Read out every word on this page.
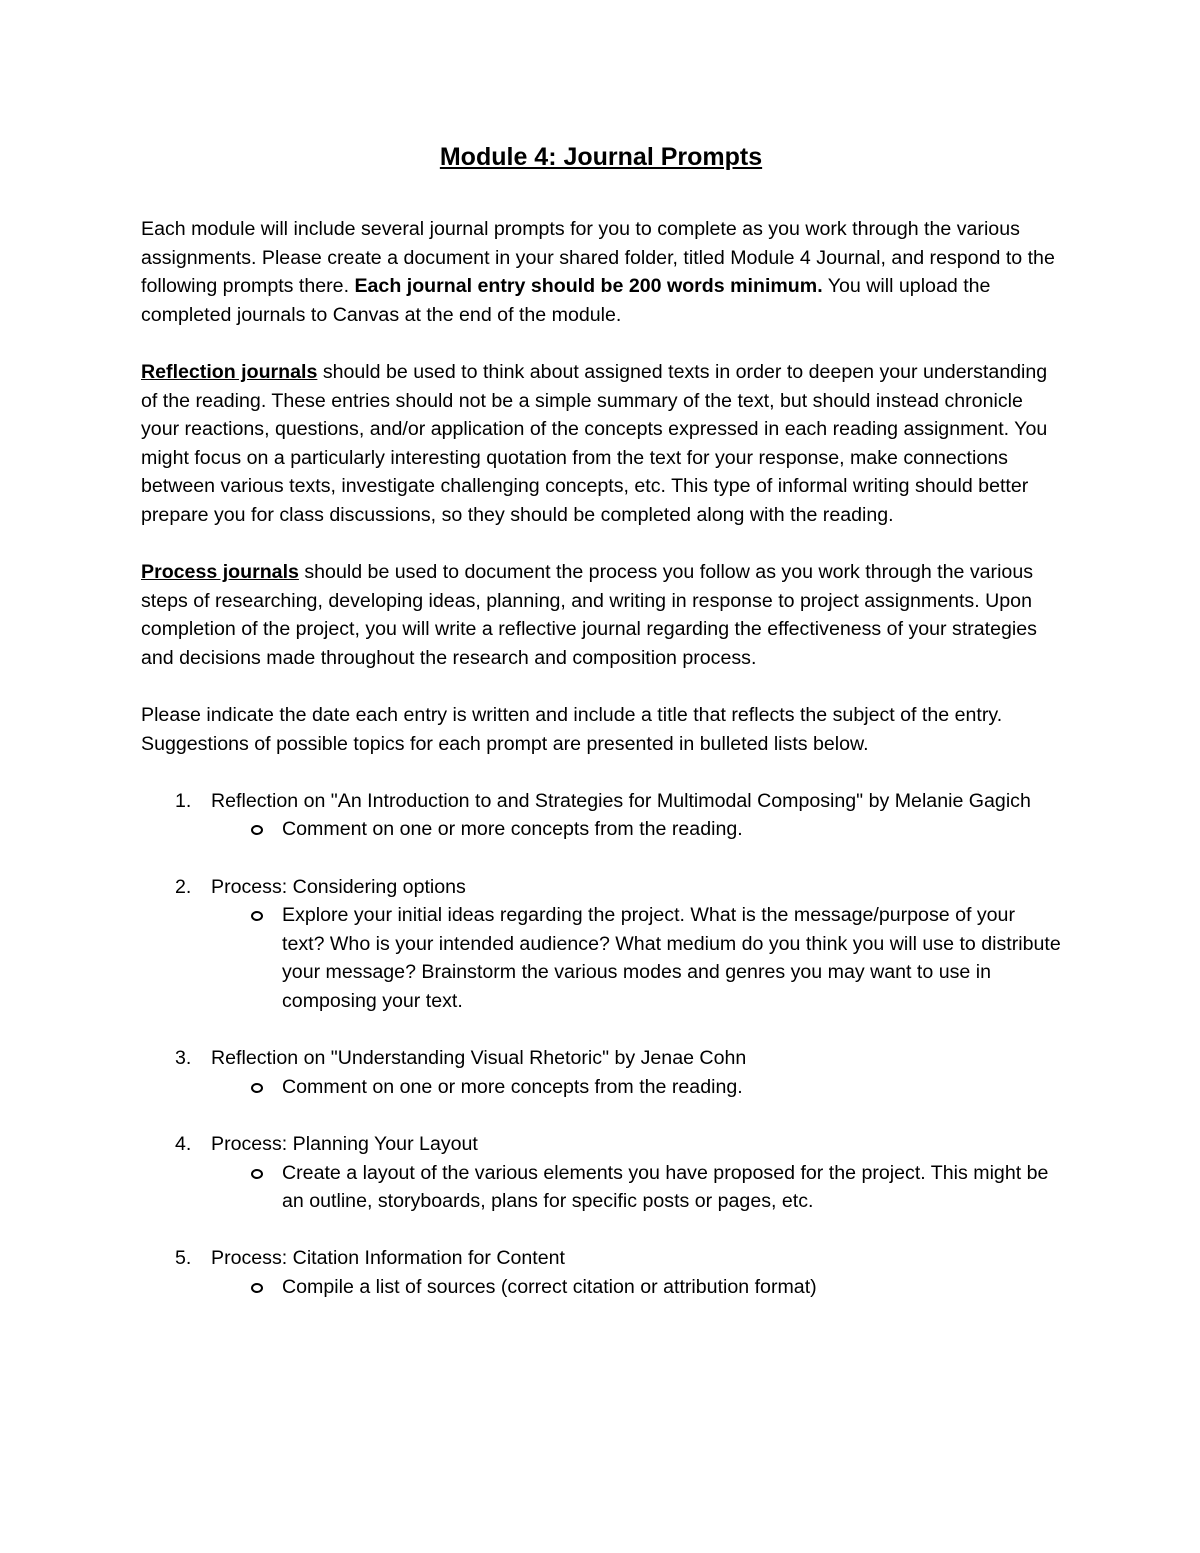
Module 4: Journal Prompts

Each module will include several journal prompts for you to complete as you work through the various assignments. Please create a document in your shared folder, titled Module 4 Journal, and respond to the following prompts there. Each journal entry should be 200 words minimum. You will upload the completed journals to Canvas at the end of the module.

Reflection journals should be used to think about assigned texts in order to deepen your understanding of the reading. These entries should not be a simple summary of the text, but should instead chronicle your reactions, questions, and/or application of the concepts expressed in each reading assignment. You might focus on a particularly interesting quotation from the text for your response, make connections between various texts, investigate challenging concepts, etc. This type of informal writing should better prepare you for class discussions, so they should be completed along with the reading.

Process journals should be used to document the process you follow as you work through the various steps of researching, developing ideas, planning, and writing in response to project assignments. Upon completion of the project, you will write a reflective journal regarding the effectiveness of your strategies and decisions made throughout the research and composition process.

Please indicate the date each entry is written and include a title that reflects the subject of the entry. Suggestions of possible topics for each prompt are presented in bulleted lists below.

1. Reflection on "An Introduction to and Strategies for Multimodal Composing" by Melanie Gagich
Comment on one or more concepts from the reading.
2. Process: Considering options
Explore your initial ideas regarding the project. What is the message/purpose of your text? Who is your intended audience? What medium do you think you will use to distribute your message? Brainstorm the various modes and genres you may want to use in composing your text.
3. Reflection on "Understanding Visual Rhetoric" by Jenae Cohn
Comment on one or more concepts from the reading.
4. Process: Planning Your Layout
Create a layout of the various elements you have proposed for the project. This might be an outline, storyboards, plans for specific posts or pages, etc.
5. Process: Citation Information for Content
Compile a list of sources (correct citation or attribution format)
